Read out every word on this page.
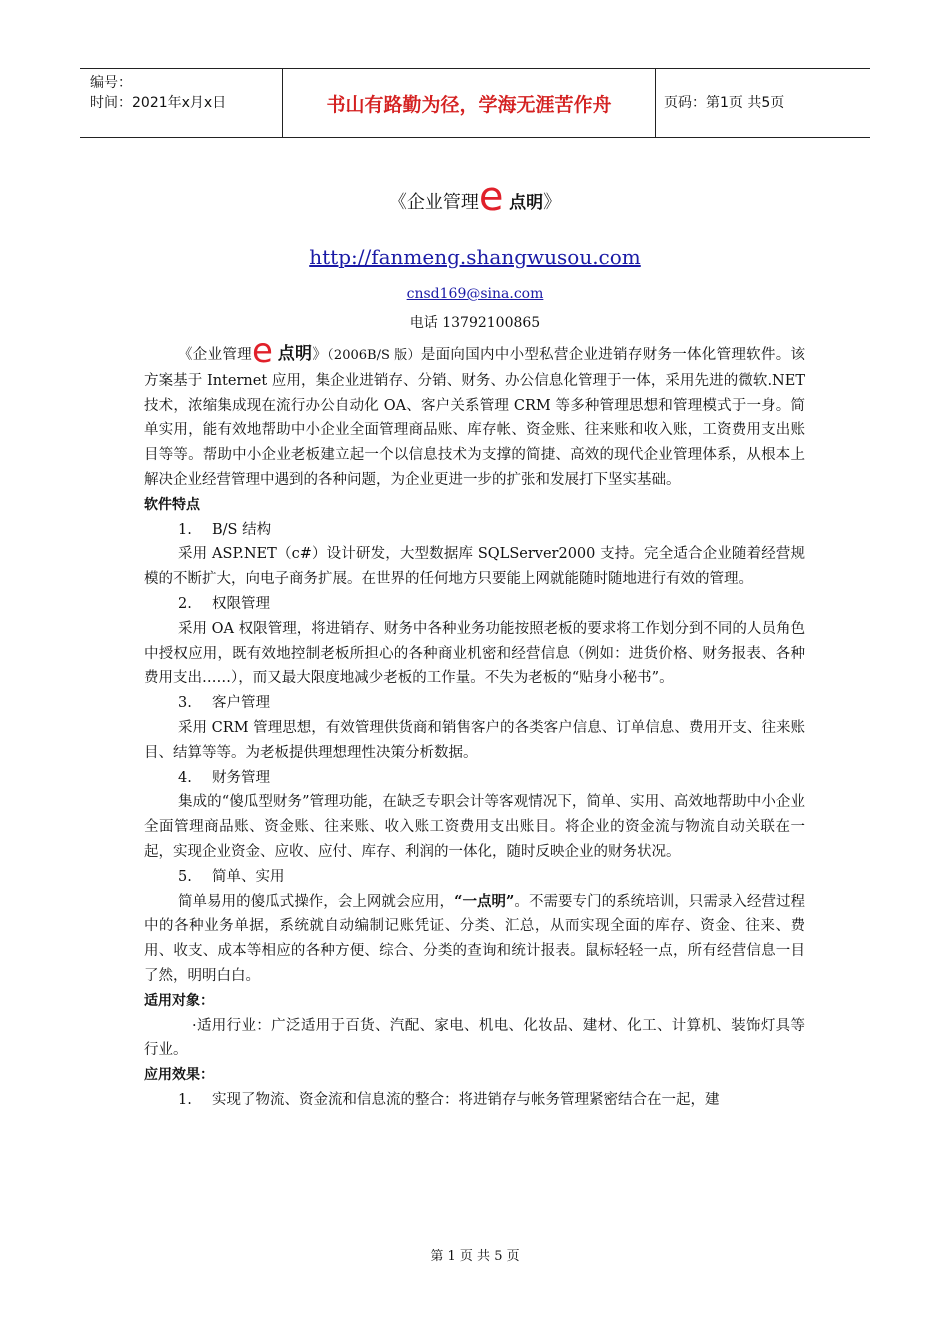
编号：
时间：2021年x月x日	书山有路勤为径，学海无涯苦作舟	页码：第1页 共5页
《企业管理e 点明》
http://fanmeng.shangwusou.com
cnsd169@sina.com
电话 13792100865

《企业管理e 点明》（2006B/S 版）是面向国内中小型私营企业进销存财务一体化管理软件。该方案基于 Internet 应用，集企业进销存、分销、财务、办公信息化管理于一体，采用先进的微软.NET 技术，浓缩集成现在流行办公自动化 OA、客户关系管理 CRM 等多种管理思想和管理模式于一身。简单实用，能有效地帮助中小企业全面管理商品账、库存帐、资金账、往来账和收入账，工资费用支出账目等等。帮助中小企业老板建立起一个以信息技术为支撑的简捷、高效的现代企业管理体系，从根本上解决企业经营管理中遇到的各种问题，为企业更进一步的扩张和发展打下坚实基础。

软件特点

1. B/S 结构

采用 ASP.NET（c#）设计研发，大型数据库 SQLServer2000 支持。完全适合企业随着经营规模的不断扩大，向电子商务扩展。在世界的任何地方只要能上网就能随时随地进行有效的管理。

2. 权限管理

采用 OA 权限管理，将进销存、财务中各种业务功能按照老板的要求将工作划分到不同的人员角色中授权应用，既有效地控制老板所担心的各种商业机密和经营信息（例如：进货价格、财务报表、各种费用支出……），而又最大限度地减少老板的工作量。不失为老板的“贴身小秘书”。

3. 客户管理

采用 CRM 管理思想，有效管理供货商和销售客户的各类客户信息、订单信息、费用开支、往来账目、结算等等。为老板提供理想理性决策分析数据。

4. 财务管理

集成的“傻瓜型财务”管理功能，在缺乏专职会计等客观情况下，简单、实用、高效地帮助中小企业全面管理商品账、资金账、往来账、收入账工资费用支出账目。将企业的资金流与物流自动关联在一起，实现企业资金、应收、应付、库存、利润的一体化，随时反映企业的财务状况。

5. 简单、实用

简单易用的傻瓜式操作，会上网就会应用，“一点明”。不需要专门的系统培训，只需录入经营过程中的各种业务单据，系统就自动编制记账凭证、分类、汇总，从而实现全面的库存、资金、往来、费用、收支、成本等相应的各种方便、综合、分类的查询和统计报表。鼠标轻轻一点，所有经营信息一目了然，明明白白。

适用对象：

·适用行业：广泛适用于百货、汽配、家电、机电、化妆品、建材、化工、计算机、装饰灯具等行业。

应用效果：

1. 实现了物流、资金流和信息流的整合：将进销存与帐务管理紧密结合在一起，建

第 1 页 共 5 页
